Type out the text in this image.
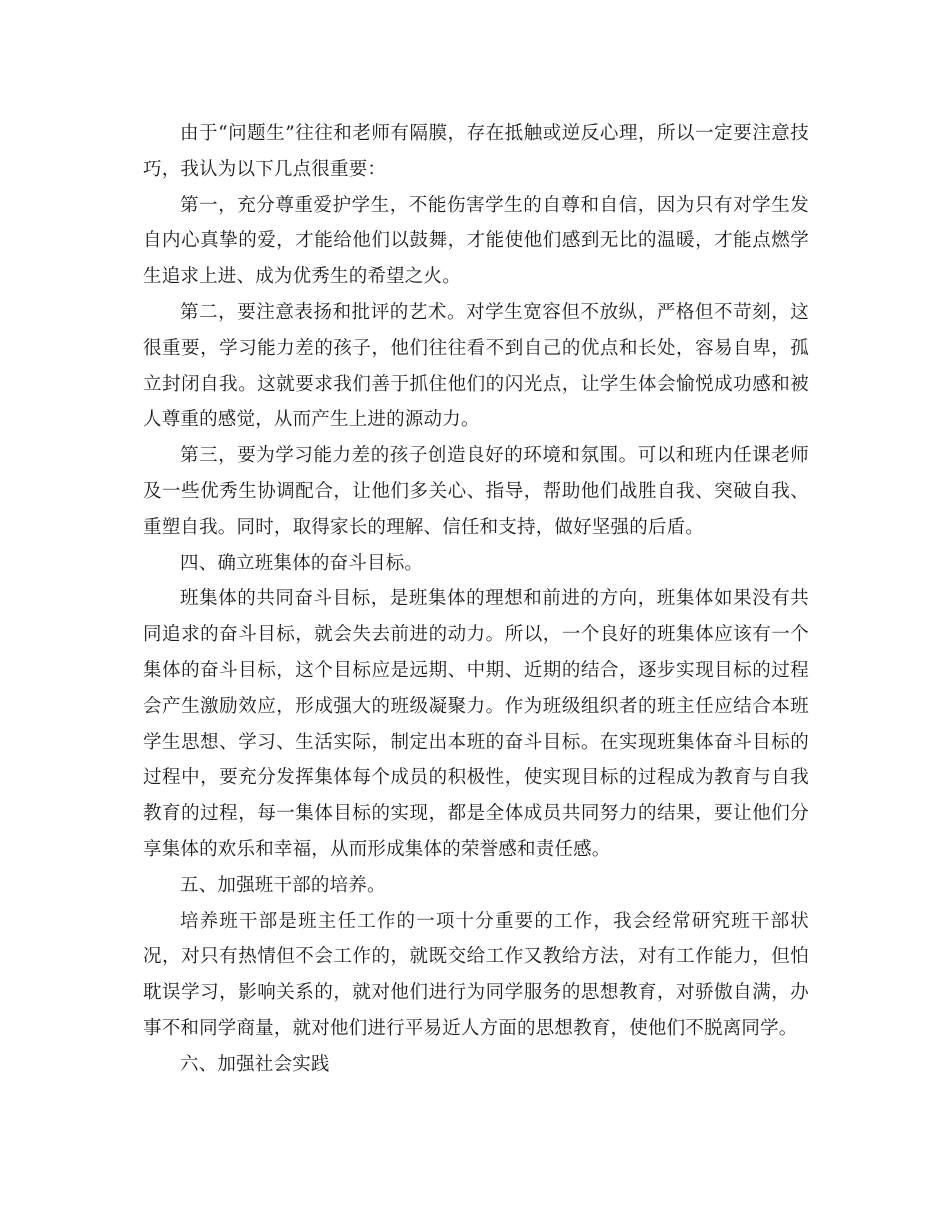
由于“问题生”往往和老师有隔膜，存在抵触或逆反心理，所以一定要注意技巧，我认为以下几点很重要：

第一，充分尊重爱护学生，不能伤害学生的自尊和自信，因为只有对学生发自内心真挚的爱，才能给他们以鼓舞，才能使他们感到无比的温暖，才能点燃学生追求上进、成为优秀生的希望之火。

第二，要注意表扬和批评的艺术。对学生宽容但不放纵，严格但不苛刻，这很重要，学习能力差的孩子，他们往往看不到自己的优点和长处，容易自卑，孤立封闭自我。这就要求我们善于抓住他们的闪光点，让学生体会愉悦成功感和被人尊重的感觉，从而产生上进的源动力。

第三，要为学习能力差的孩子创造良好的环境和氛围。可以和班内任课老师及一些优秀生协调配合，让他们多关心、指导，帮助他们战胜自我、突破自我、重塑自我。同时，取得家长的理解、信任和支持，做好坚强的后盾。

四、确立班集体的奋斗目标。

班集体的共同奋斗目标，是班集体的理想和前进的方向，班集体如果没有共同追求的奋斗目标，就会失去前进的动力。所以，一个良好的班集体应该有一个集体的奋斗目标，这个目标应是远期、中期、近期的结合，逐步实现目标的过程会产生激励效应，形成强大的班级凝聚力。作为班级组织者的班主任应结合本班学生思想、学习、生活实际，制定出本班的奋斗目标。在实现班集体奋斗目标的过程中，要充分发挥集体每个成员的积极性，使实现目标的过程成为教育与自我教育的过程，每一集体目标的实现，都是全体成员共同努力的结果，要让他们分享集体的欢乐和幸福，从而形成集体的荣誉感和责任感。

五、加强班干部的培养。

培养班干部是班主任工作的一项十分重要的工作，我会经常研究班干部状况，对只有热情但不会工作的，就既交给工作又教给方法，对有工作能力，但怕耽误学习，影响关系的，就对他们进行为同学服务的思想教育，对骄傲自满，办事不和同学商量，就对他们进行平易近人方面的思想教育，使他们不脱离同学。

六、加强社会实践
